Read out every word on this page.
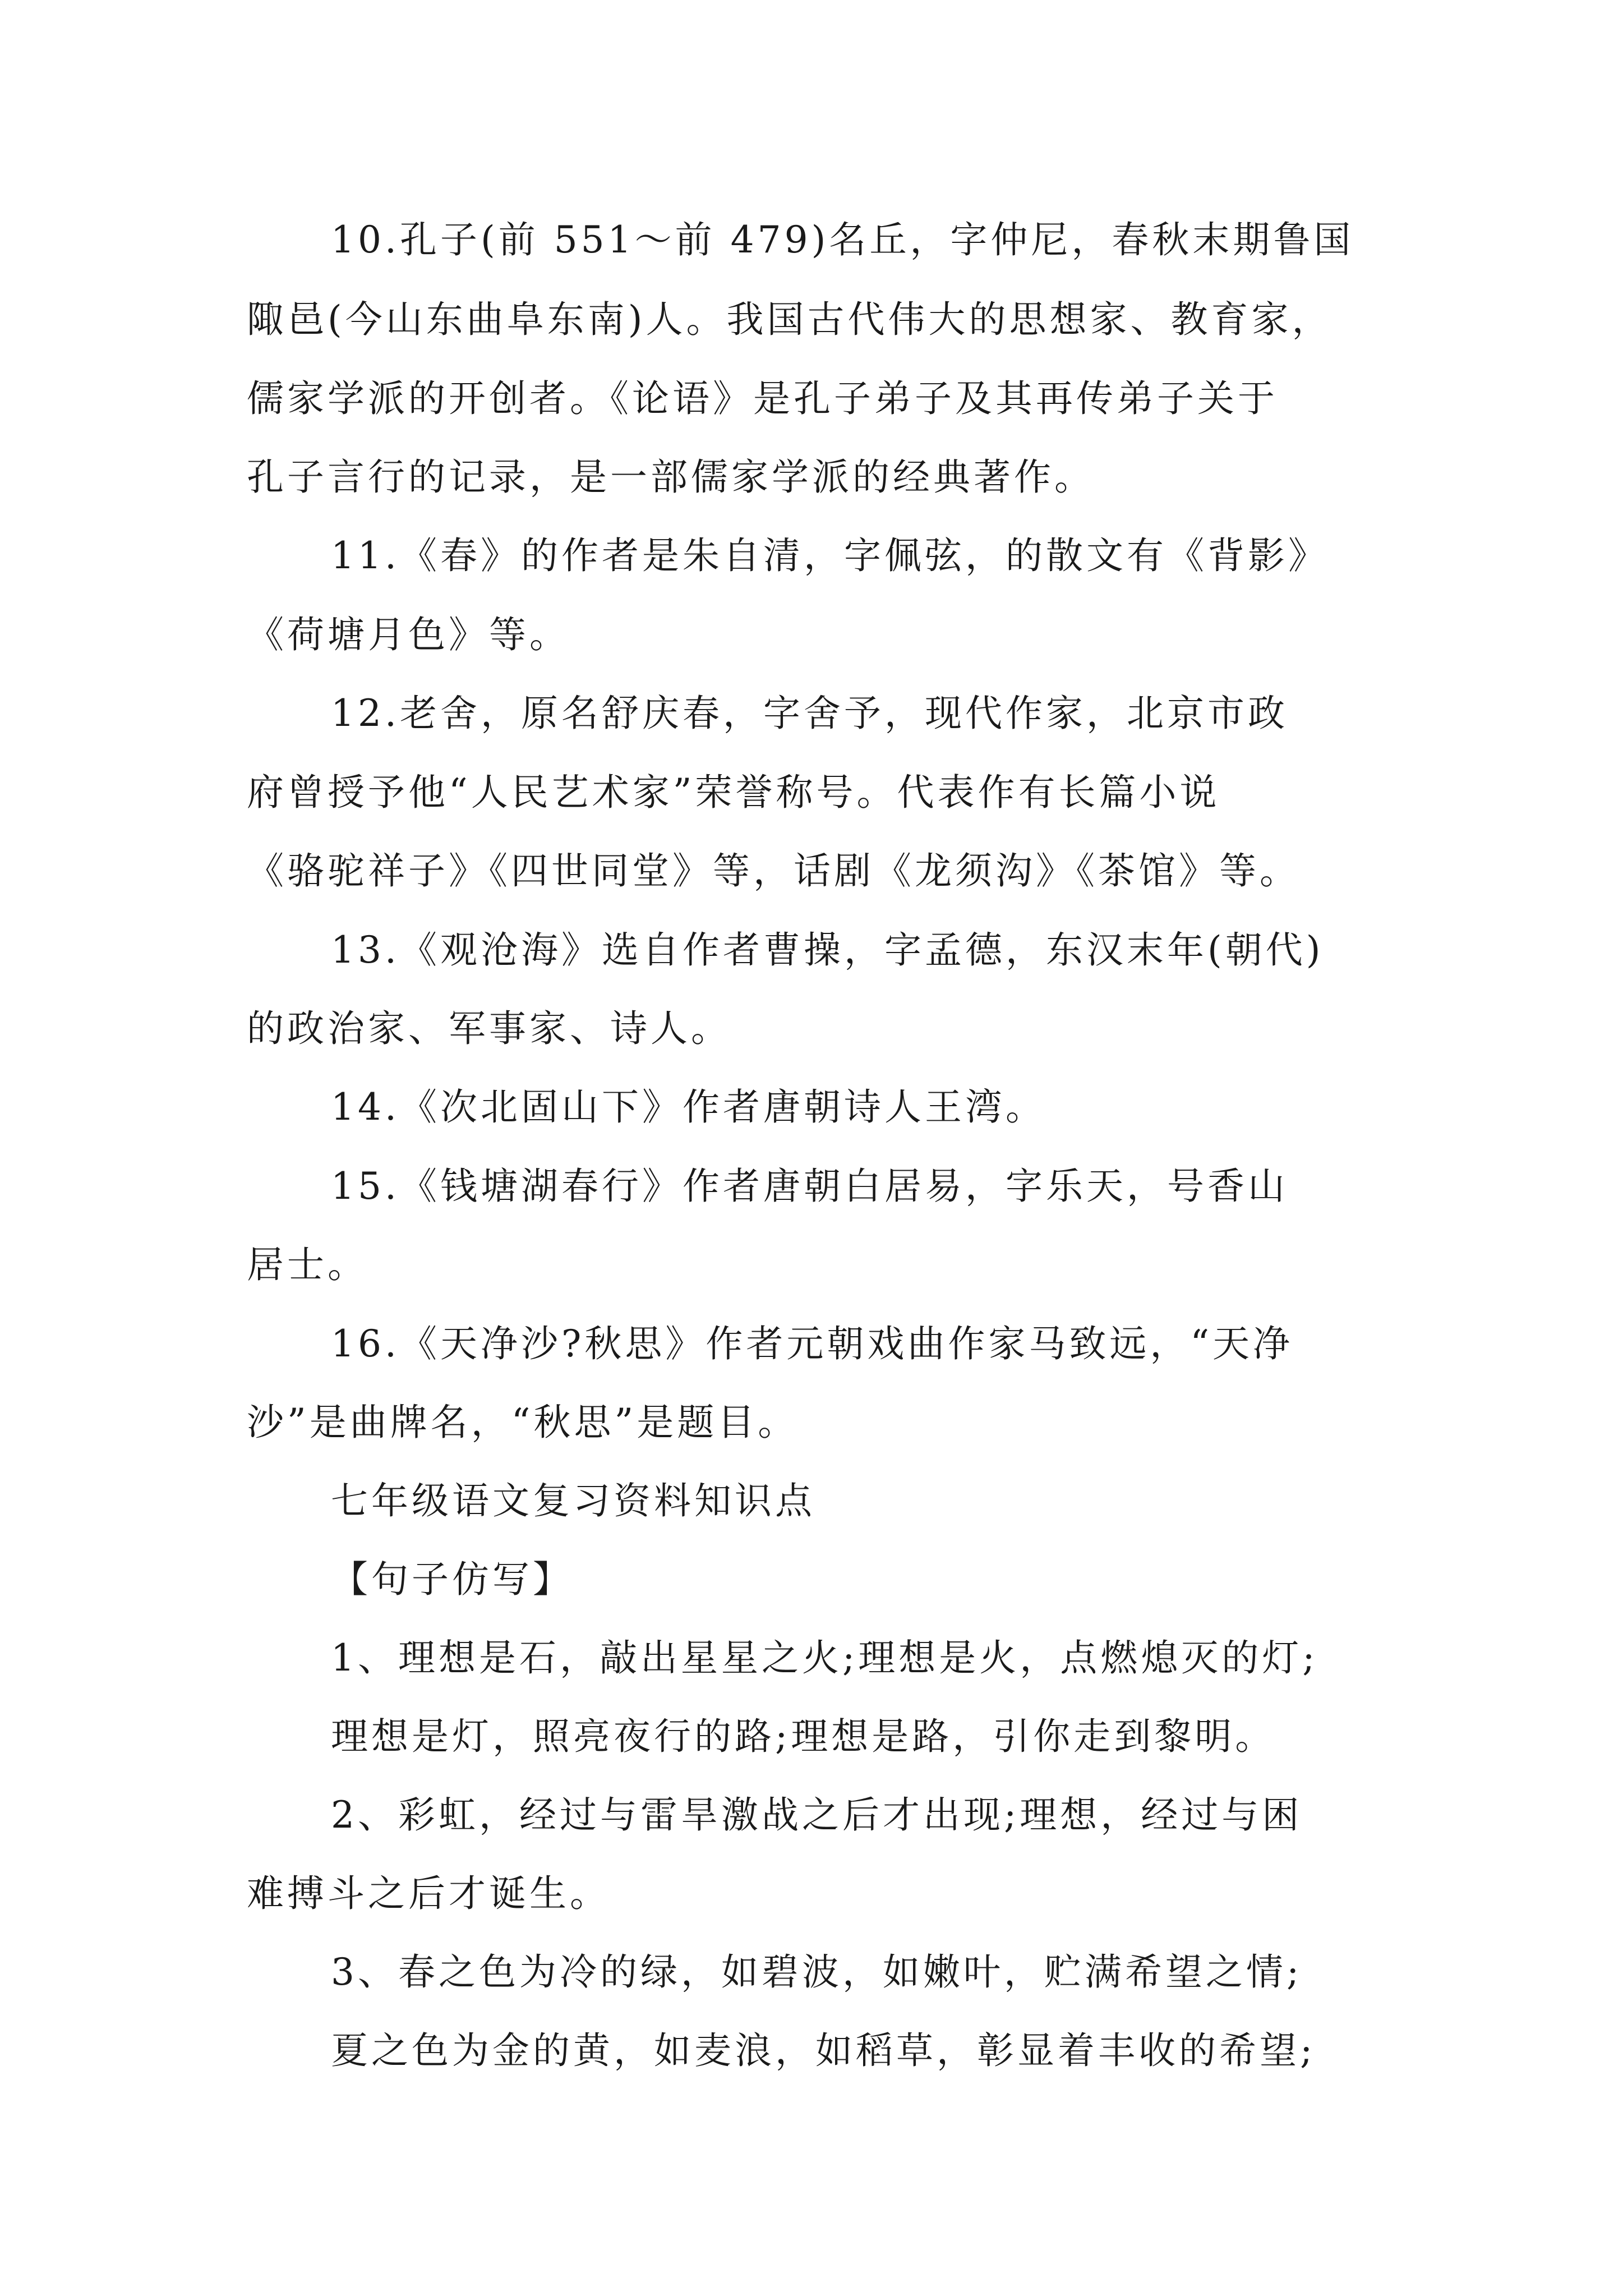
10.孔子(前 551～前 479)名丘，字仲尼，春秋末期鲁国
陬邑(今山东曲阜东南)人。我国古代伟大的思想家、教育家，
儒家学派的开创者。《论语》是孔子弟子及其再传弟子关于
孔子言行的记录，是一部儒家学派的经典著作。
11.《春》的作者是朱自清，字佩弦，的散文有《背影》
《荷塘月色》等。
12.老舍，原名舒庆春，字舍予，现代作家，北京市政
府曾授予他“人民艺术家”荣誉称号。代表作有长篇小说
《骆驼祥子》《四世同堂》等，话剧《龙须沟》《茶馆》等。
13.《观沧海》选自作者曹操，字孟德，东汉末年(朝代)
的政治家、军事家、诗人。
14.《次北固山下》作者唐朝诗人王湾。
15.《钱塘湖春行》作者唐朝白居易，字乐天，号香山
居士。
16.《天净沙?秋思》作者元朝戏曲作家马致远，“天净
沙”是曲牌名，“秋思”是题目。
七年级语文复习资料知识点
【句子仿写】
1、理想是石，敲出星星之火;理想是火，点燃熄灭的灯;
理想是灯，照亮夜行的路;理想是路，引你走到黎明。
2、彩虹，经过与雷旱激战之后才出现;理想，经过与困
难搏斗之后才诞生。
3、春之色为冷的绿，如碧波，如嫩叶，贮满希望之情;
夏之色为金的黄，如麦浪，如稻草，彰显着丰收的希望;
